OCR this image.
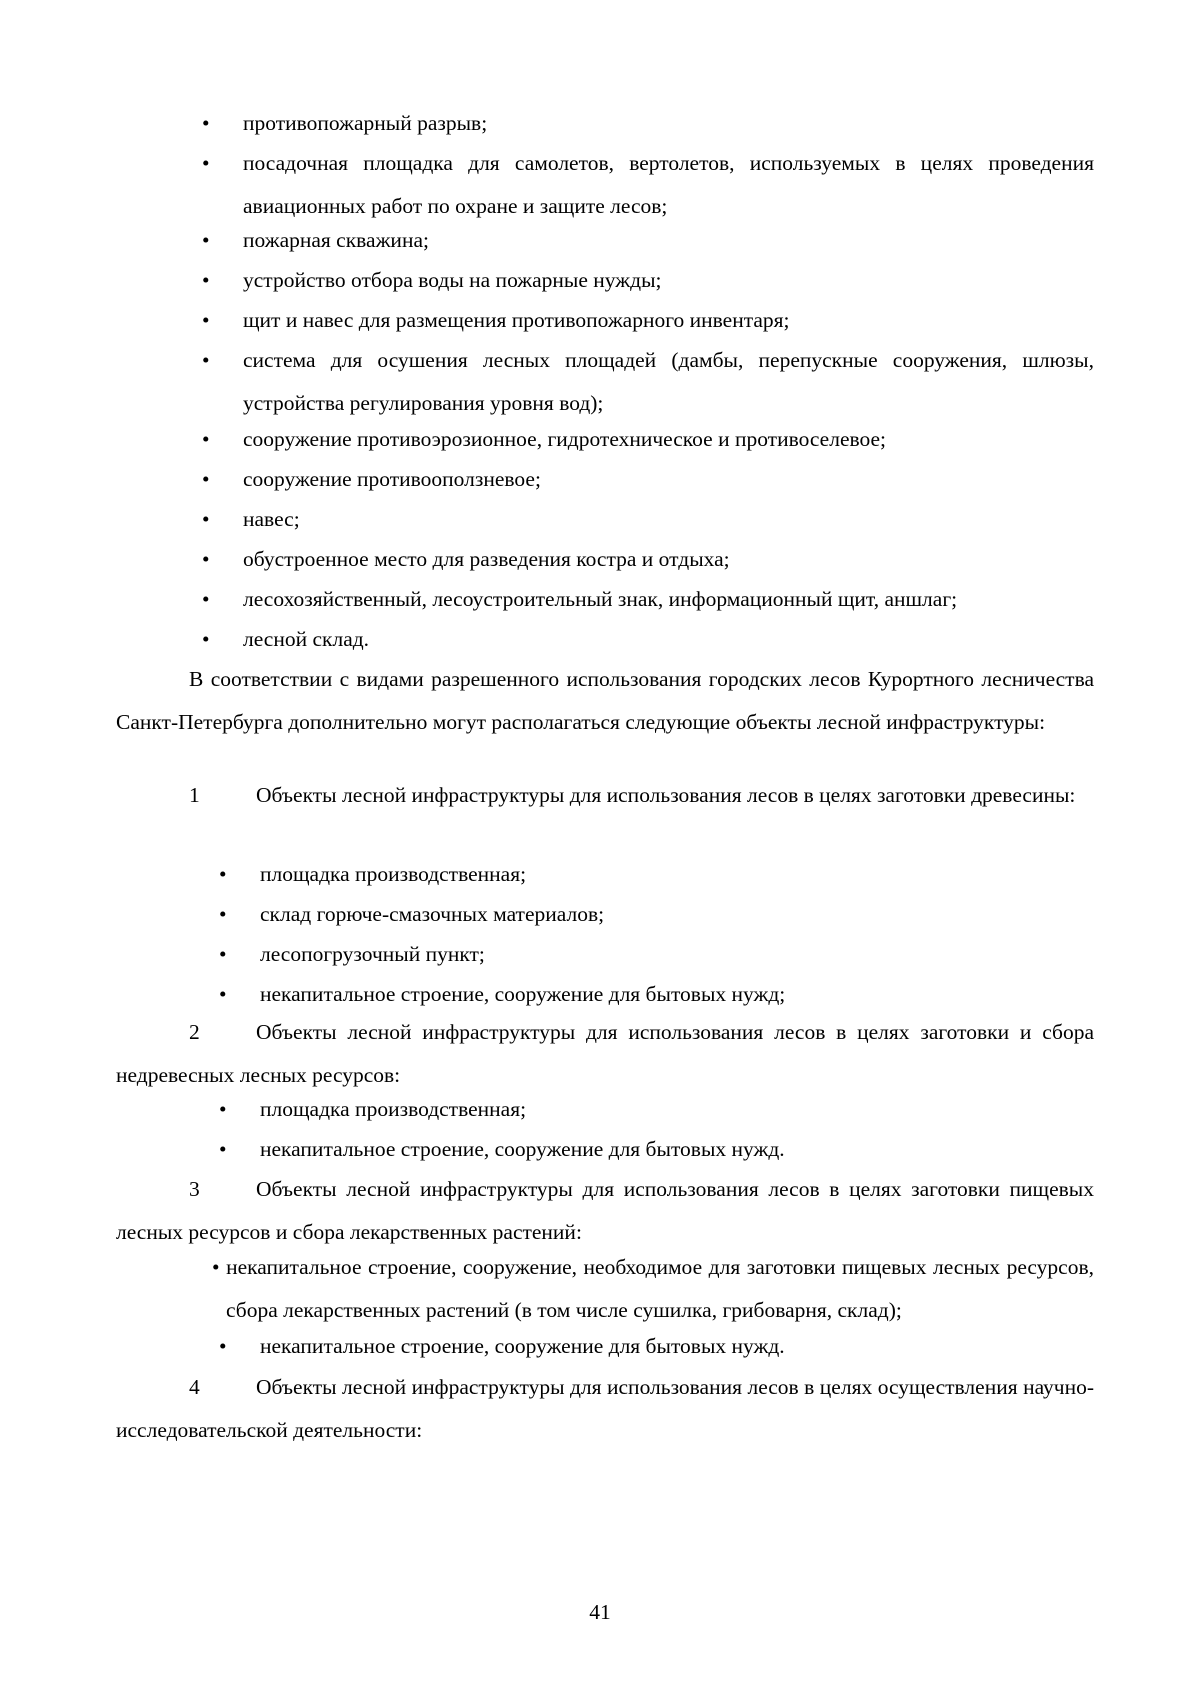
•	противопожарный разрыв;
•	посадочная площадка для самолетов, вертолетов, используемых в целях проведения авиационных работ по охране и защите лесов;
•	пожарная скважина;
•	устройство отбора воды на пожарные нужды;
•	щит и навес для размещения противопожарного инвентаря;
•	система для осушения лесных площадей (дамбы, перепускные сооружения, шлюзы, устройства регулирования уровня вод);
•	сооружение противоэрозионное, гидротехническое и противоселевое;
•	сооружение противооползневое;
•	навес;
•	обустроенное место для разведения костра и отдыха;
•	лесохозяйственный, лесоустроительный знак, информационный щит, аншлаг;
•	лесной склад.
В соответствии с видами разрешенного использования городских лесов Курортного лесничества Санкт-Петербурга дополнительно могут располагаться следующие объекты лесной инфраструктуры:
1	Объекты лесной инфраструктуры для использования лесов в целях заготовки древесины:
•	площадка производственная;
•	склад горюче-смазочных материалов;
•	лесопогрузочный пункт;
•	некапитальное строение, сооружение для бытовых нужд;
2	Объекты лесной инфраструктуры для использования лесов в целях заготовки и сбора недревесных лесных ресурсов:
•	площадка производственная;
•	некапитальное строение, сооружение для бытовых нужд.
3	Объекты лесной инфраструктуры для использования лесов в целях заготовки пищевых лесных ресурсов и сбора лекарственных растений:
• некапитальное строение, сооружение, необходимое для заготовки пищевых лесных ресурсов, сбора лекарственных растений (в том числе сушилка, грибоварня, склад);
•	некапитальное строение, сооружение для бытовых нужд.
4	Объекты лесной инфраструктуры для использования лесов в целях осуществления научно-исследовательской деятельности:
41
